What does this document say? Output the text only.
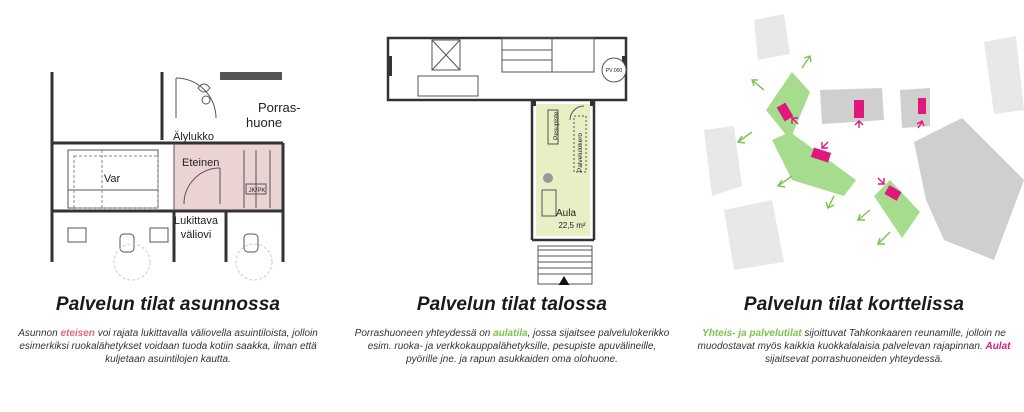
Porras-
huone
Älylukko
Eteinen
Var
JK/PK
Lukittava
väliovi
Palvelun tilat asunnossa
Asunnon eteisen voi rajata lukittavalla väliovella asuintiloista, jolloin esimerkiksi ruokalähetykset voidaan tuoda kotiin saakka, ilman että kuljetaan asuintilojen kautta.
PV 000
Pesupiste
Palvelulokero
Aula
22,5 m²
Palvelun tilat talossa
Porrashuoneen yhteydessä on aulatila, jossa sijaitsee palvelulokerikko esim. ruoka- ja verkkokauppalähetyksille, pesupiste apuvälineille, pyörille jne. ja rapun asukkaiden oma olohuone.
Palvelun tilat korttelissa
Yhteis- ja palvelutilat sijoittuvat Tahkonkaaren reunamille, jolloin ne muodostavat myös kaikkia kuokkalalaisia palvelevan rajapinnan. Aulat sijaitsevat porrashuoneiden yhteydessä.
